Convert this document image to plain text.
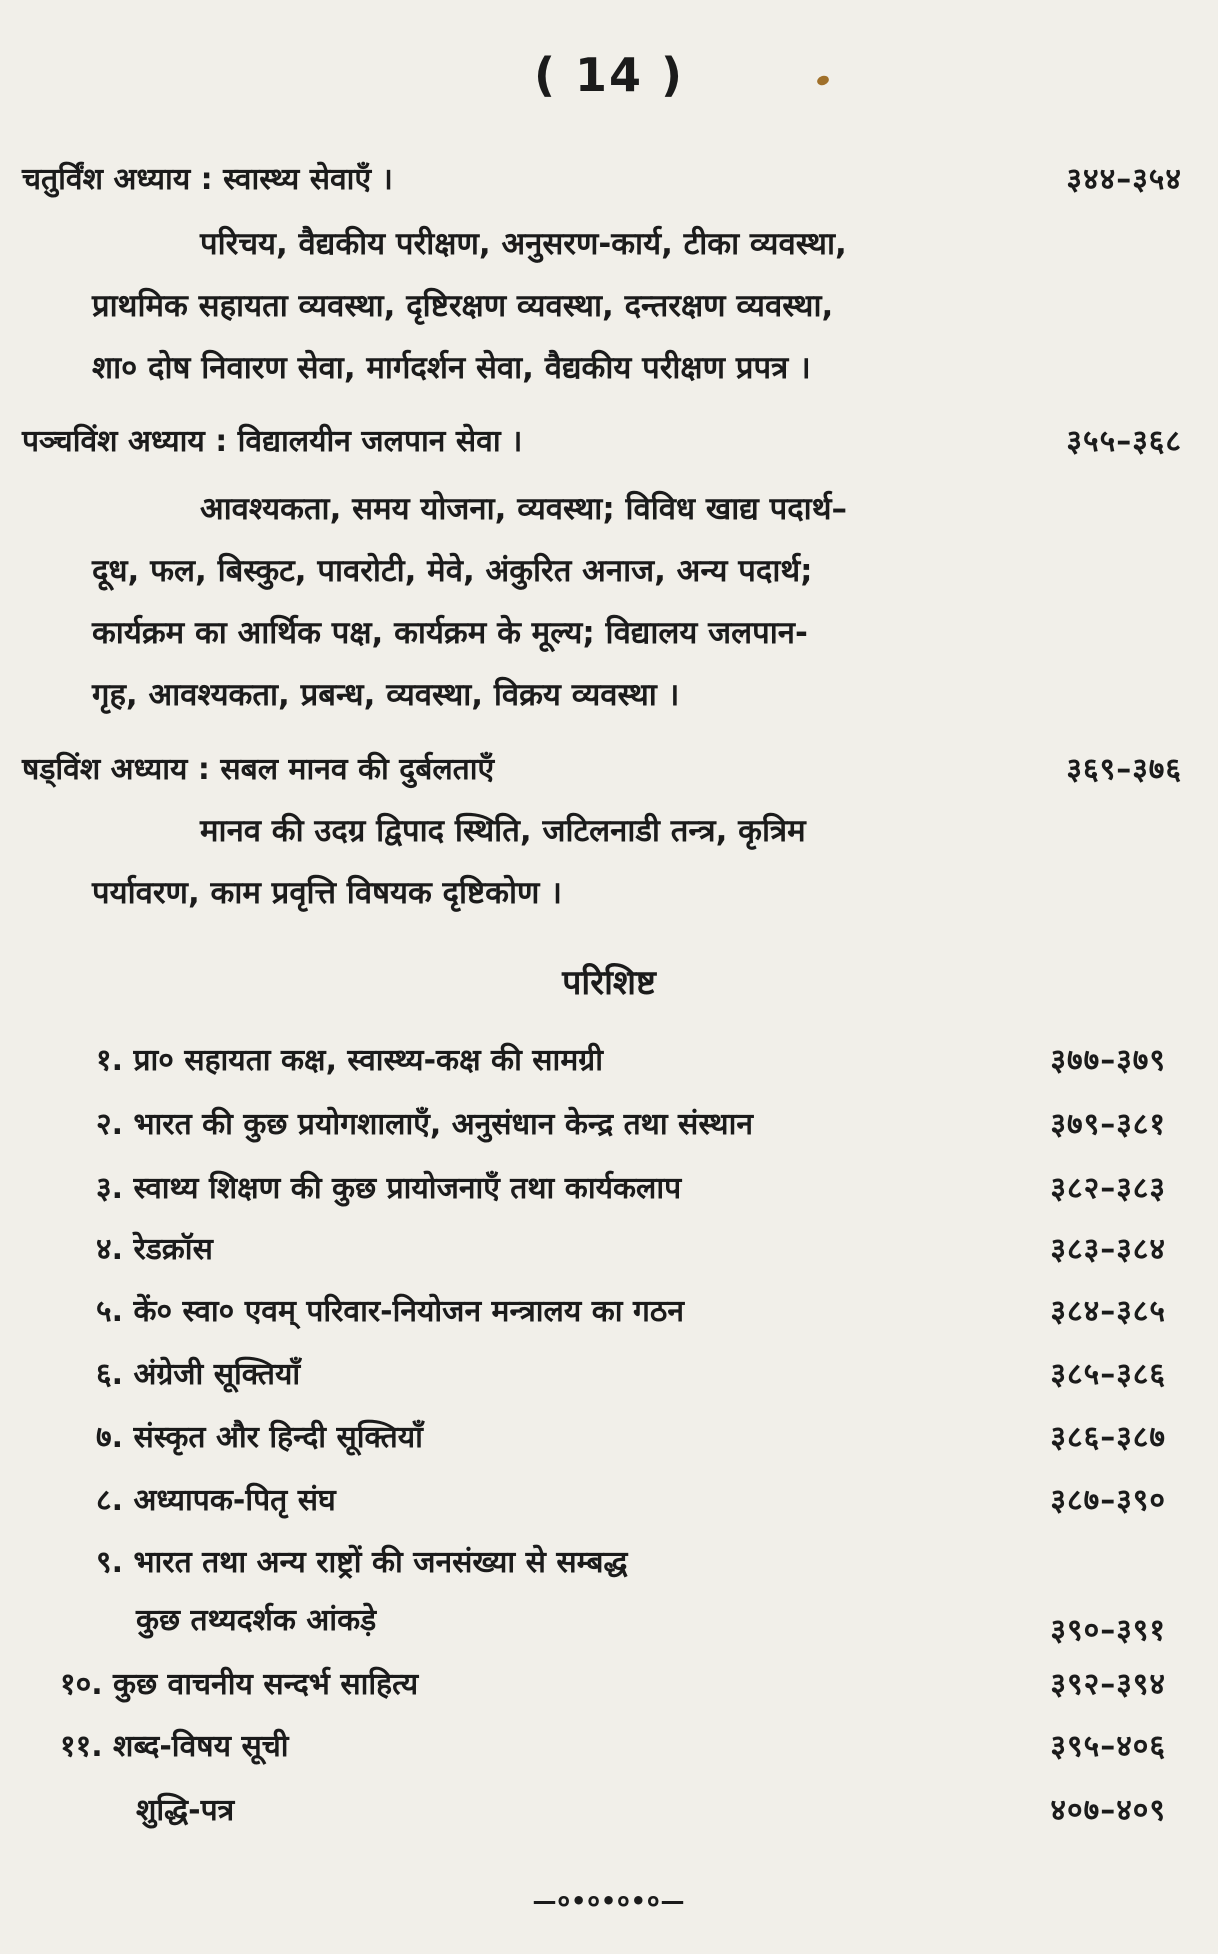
( 14 )
चतुर्विंश अध्याय : स्वास्थ्य सेवाएँ ।	३४४–३५४
परिचय, वैद्यकीय परीक्षण, अनुसरण-कार्य, टीका व्यवस्था,
प्राथमिक सहायता व्यवस्था, दृष्टिरक्षण व्यवस्था, दन्तरक्षण व्यवस्था,
शा० दोष निवारण सेवा, मार्गदर्शन सेवा, वैद्यकीय परीक्षण प्रपत्र ।
पञ्चविंश अध्याय : विद्यालयीन जलपान सेवा ।	३५५–३६८
आवश्यकता, समय योजना, व्यवस्था; विविध खाद्य पदार्थ–
दूध, फल, बिस्कुट, पावरोटी, मेवे, अंकुरित अनाज, अन्य पदार्थ;
कार्यक्रम का आर्थिक पक्ष, कार्यक्रम के मूल्य; विद्यालय जलपान-
गृह, आवश्यकता, प्रबन्ध, व्यवस्था, विक्रय व्यवस्था ।
षड्विंश अध्याय : सबल मानव की दुर्बलताएँ	३६९–३७६
मानव की उदग्र द्विपाद स्थिति, जटिलनाडी तन्त्र, कृत्रिम
पर्यावरण, काम प्रवृत्ति विषयक दृष्टिकोण ।
परिशिष्ट
१. प्रा० सहायता कक्ष, स्वास्थ्य-कक्ष की सामग्री	३७७–३७९
२. भारत की कुछ प्रयोगशालाएँ, अनुसंधान केन्द्र तथा संस्थान	३७९–३८१
३. स्वाथ्य शिक्षण की कुछ प्रायोजनाएँ तथा कार्यकलाप	३८२–३८३
४. रेडक्रॉस	३८३–३८४
५. कें० स्वा० एवम् परिवार-नियोजन मन्त्रालय का गठन	३८४–३८५
६. अंग्रेजी सूक्तियाँ	३८५–३८६
७. संस्कृत और हिन्दी सूक्तियाँ	३८६–३८७
८. अध्यापक-पितृ संघ	३८७–३९०
९. भारत तथा अन्य राष्ट्रों की जनसंख्या से सम्बद्ध
कुछ तथ्यदर्शक आंकड़े	३९०–३९१
१०. कुछ वाचनीय सन्दर्भ साहित्य	३९२–३९४
११. शब्द-विषय सूची	३९५–४०६
शुद्धि-पत्र	४०७–४०९
—०•०•०•०—
